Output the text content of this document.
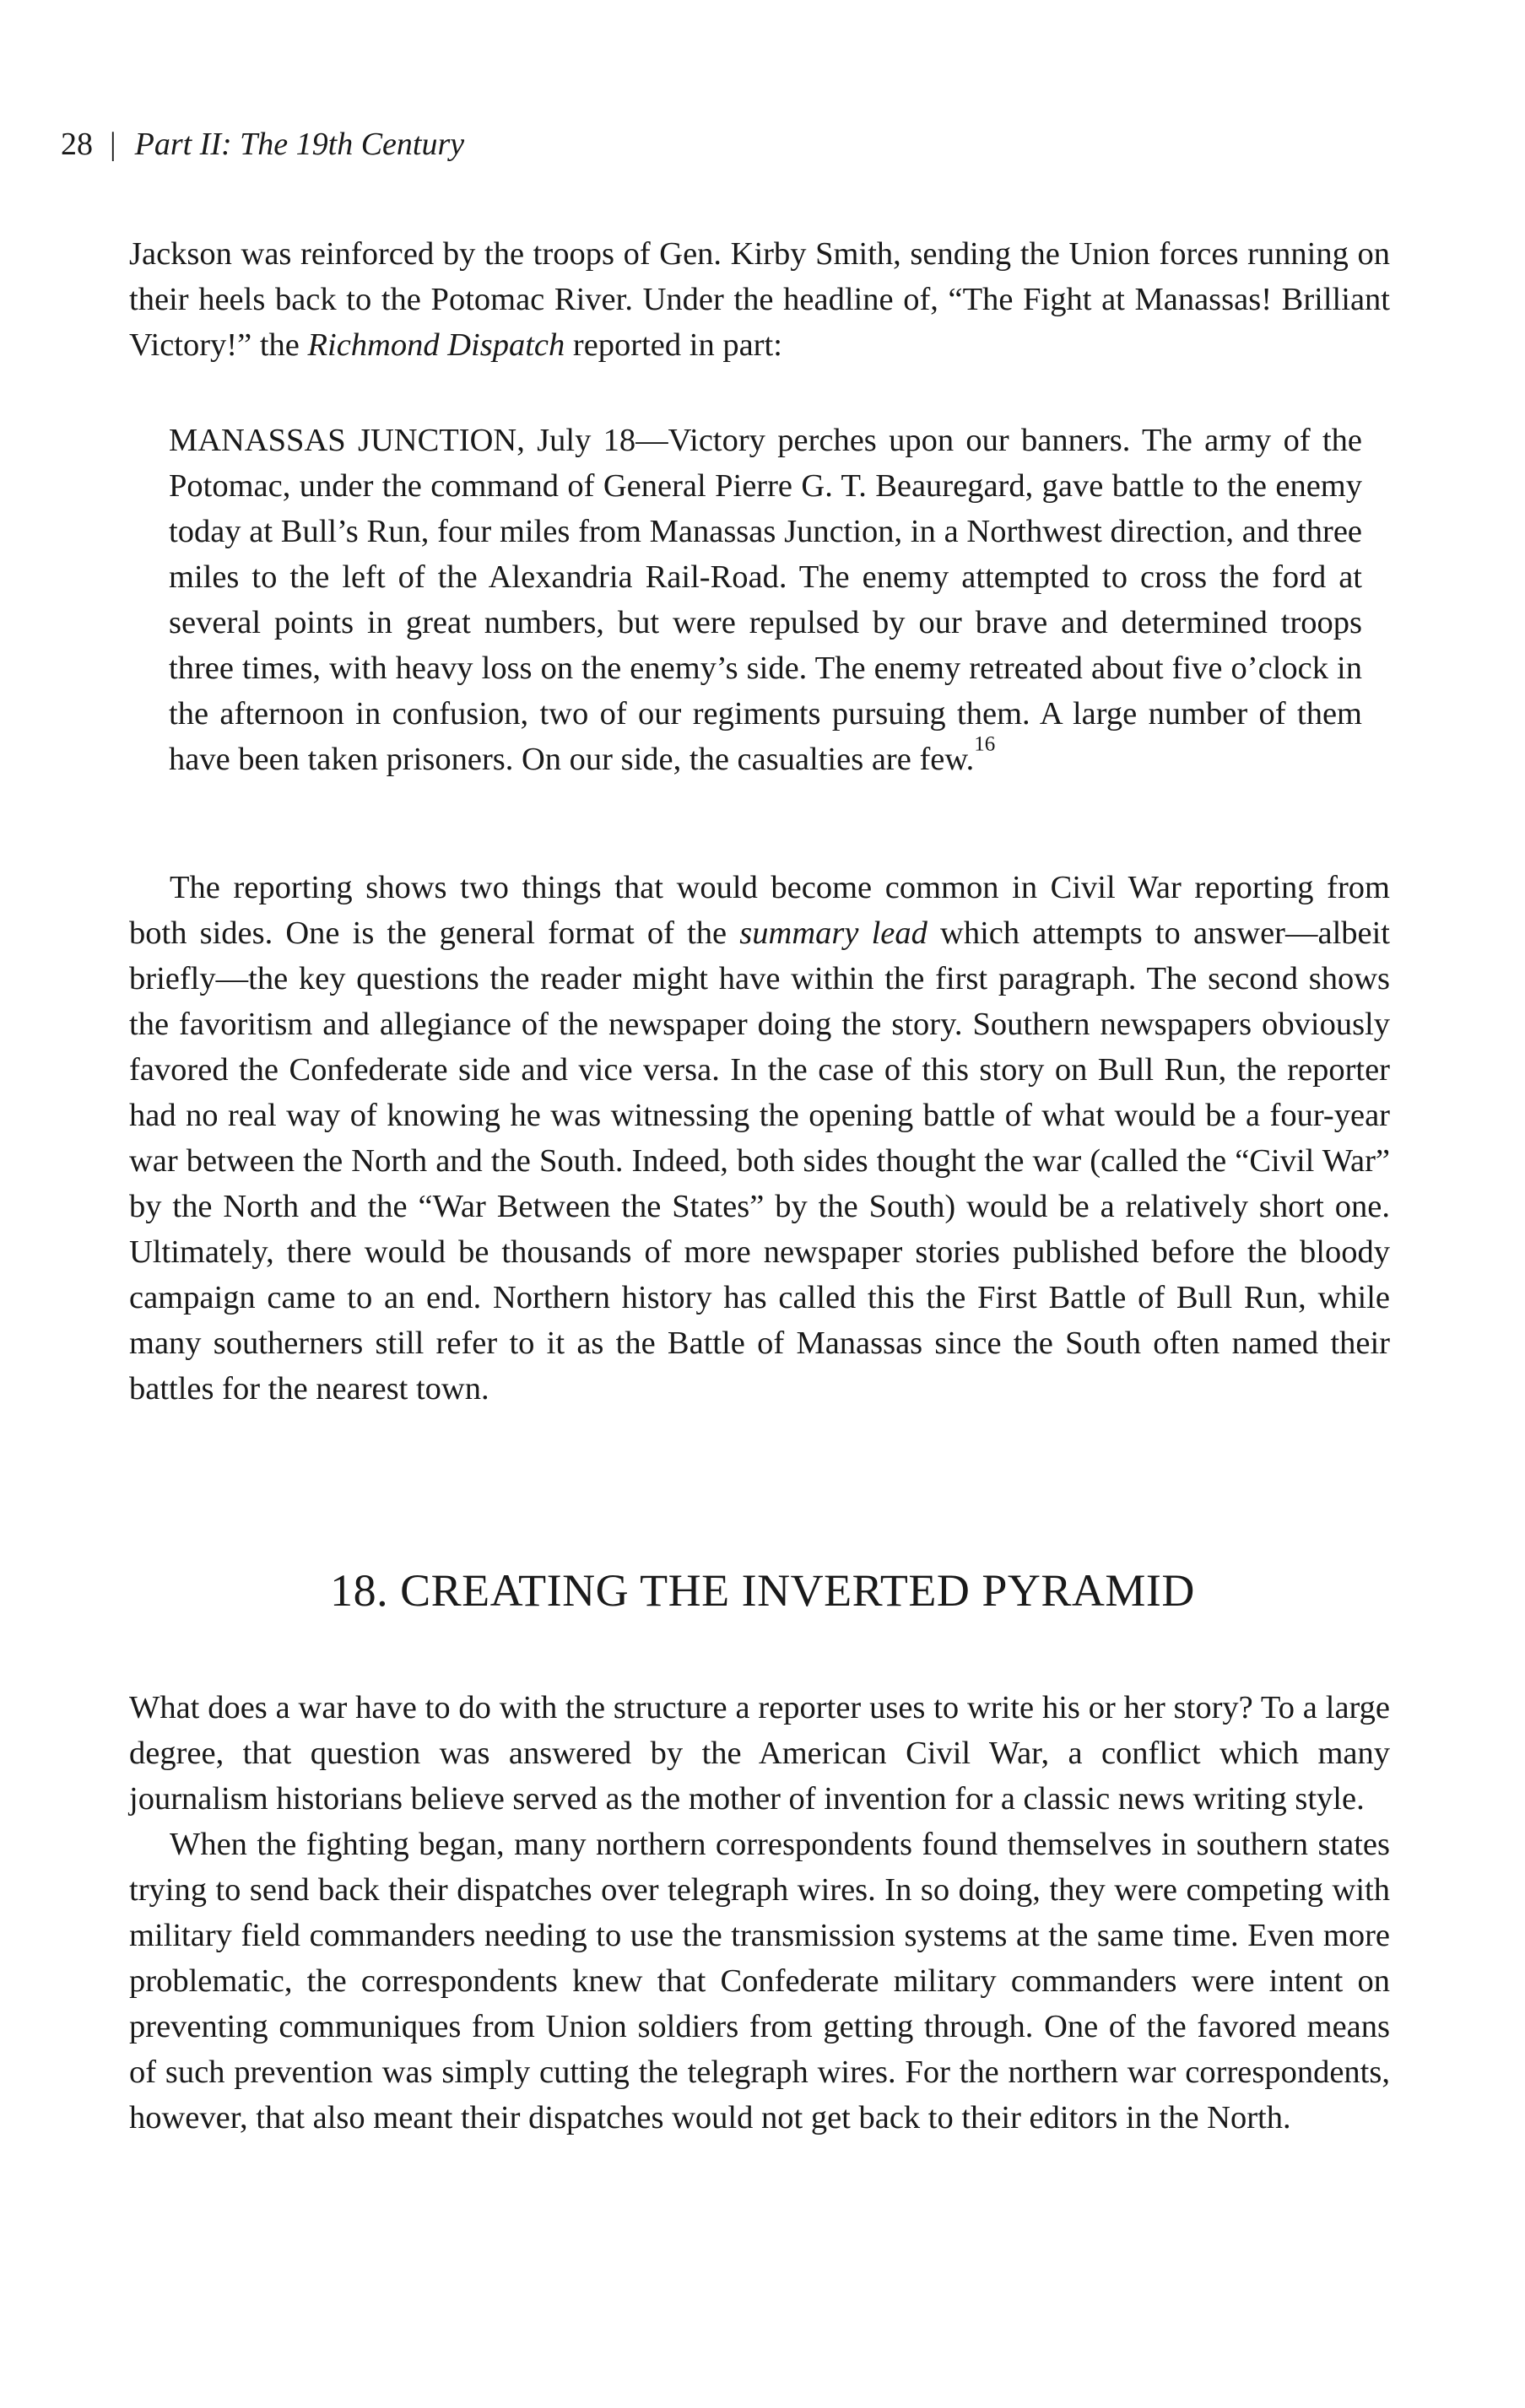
28 | Part II: The 19th Century

Jackson was reinforced by the troops of Gen. Kirby Smith, sending the Union forces running on their heels back to the Potomac River. Under the headline of, “The Fight at Manassas! Brilliant Victory!” the Richmond Dispatch reported in part:

MANASSAS JUNCTION, July 18—Victory perches upon our banners. The army of the Potomac, under the command of General Pierre G. T. Beauregard, gave battle to the enemy today at Bull’s Run, four miles from Manassas Junction, in a Northwest direction, and three miles to the left of the Alexandria Rail-Road. The enemy attempted to cross the ford at several points in great numbers, but were repulsed by our brave and determined troops three times, with heavy loss on the enemy’s side. The enemy retreated about five o’clock in the afternoon in confusion, two of our regiments pursuing them. A large number of them have been taken prisoners. On our side, the casualties are few.$^{16}$

The reporting shows two things that would become common in Civil War reporting from both sides. One is the general format of the summary lead which attempts to answer—albeit briefly—the key questions the reader might have within the first paragraph. The second shows the favoritism and allegiance of the newspaper doing the story. Southern newspapers obviously favored the Confederate side and vice versa. In the case of this story on Bull Run, the reporter had no real way of knowing he was witnessing the opening battle of what would be a four-year war between the North and the South. Indeed, both sides thought the war (called the “Civil War” by the North and the “War Between the States” by the South) would be a relatively short one. Ultimately, there would be thousands of more newspaper stories published before the bloody campaign came to an end. Northern history has called this the First Battle of Bull Run, while many southerners still refer to it as the Battle of Manassas since the South often named their battles for the nearest town.

18. CREATING THE INVERTED PYRAMID

What does a war have to do with the structure a reporter uses to write his or her story? To a large degree, that question was answered by the American Civil War, a conflict which many journalism historians believe served as the mother of invention for a classic news writing style.

When the fighting began, many northern correspondents found themselves in southern states trying to send back their dispatches over telegraph wires. In so doing, they were competing with military field commanders needing to use the transmission systems at the same time. Even more problematic, the correspondents knew that Confederate military commanders were intent on preventing communiques from Union soldiers from getting through. One of the favored means of such prevention was simply cutting the telegraph wires. For the northern war correspondents, however, that also meant their dispatches would not get back to their editors in the North.
